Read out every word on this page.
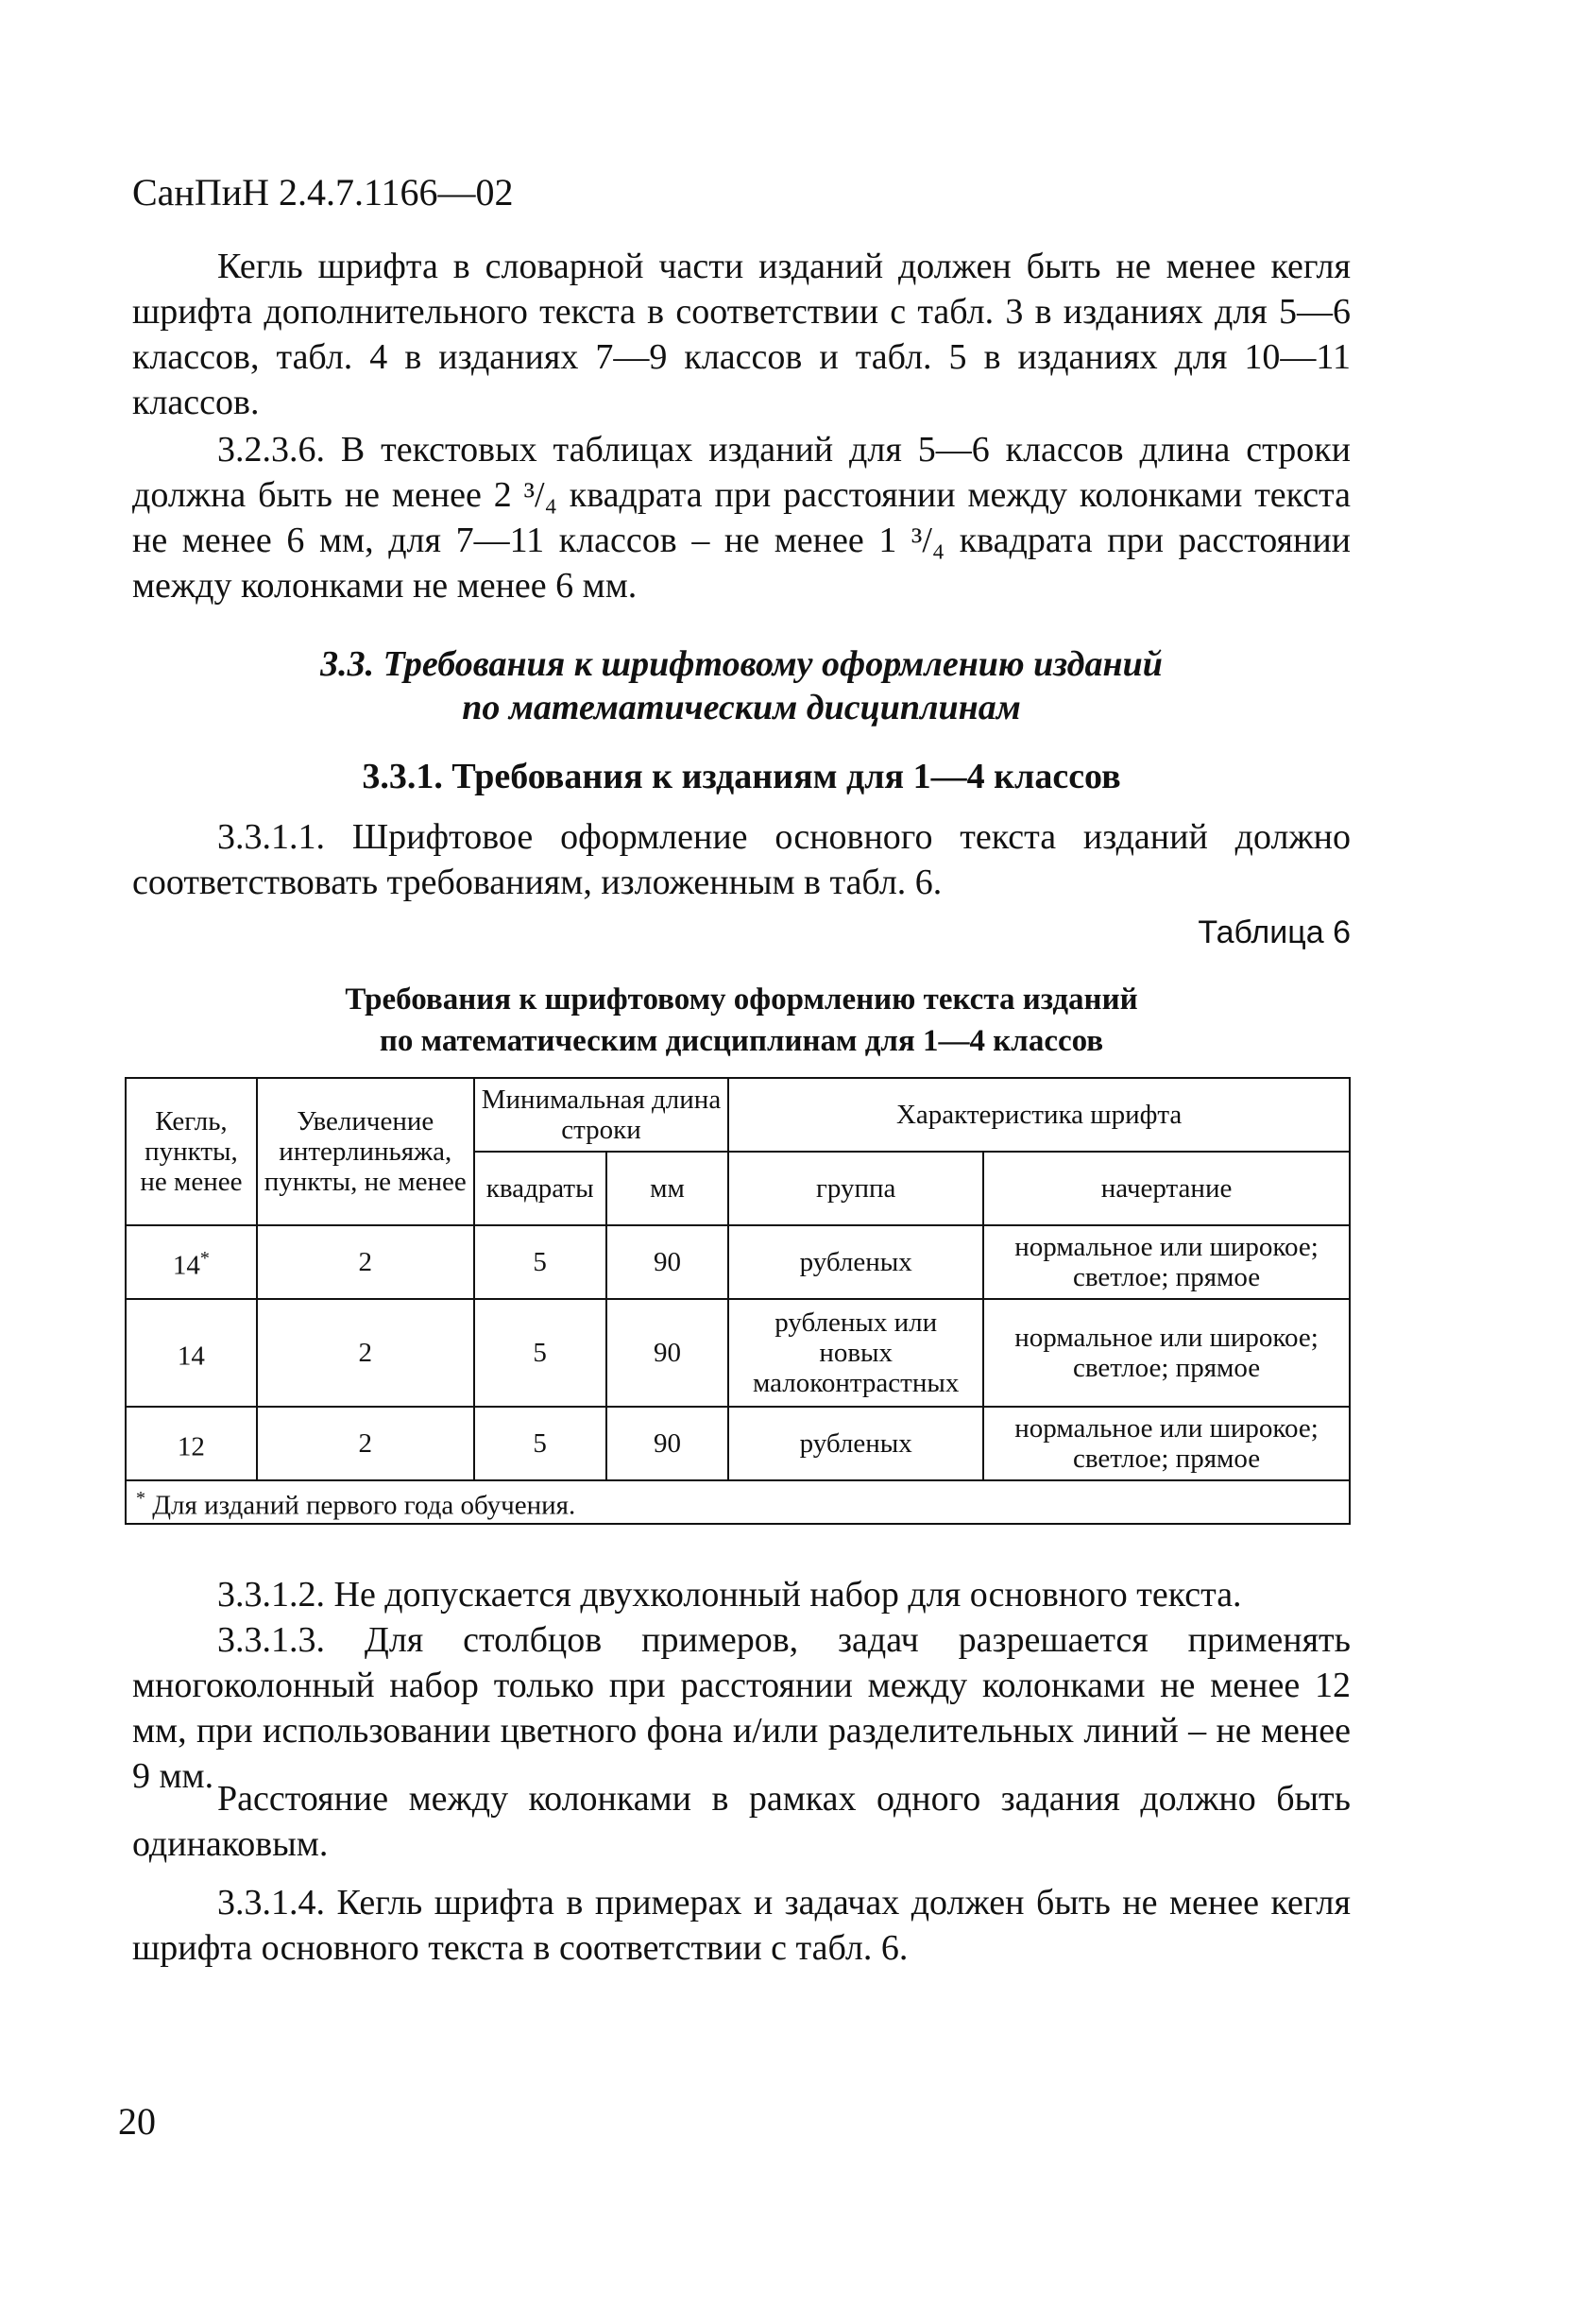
СанПиН 2.4.7.1166—02
Кегль шрифта в словарной части изданий должен быть не менее кегля шрифта дополнительного текста в соответствии с табл. 3 в изданиях для 5—6 классов, табл. 4 в изданиях 7—9 классов и табл. 5 в изданиях для 10—11 классов.
3.2.3.6. В текстовых таблицах изданий для 5—6 классов длина строки должна быть не менее 2 ³/₄ квадрата при расстоянии между колонками текста не менее 6 мм, для 7—11 классов – не менее 1 ³/₄ квадрата при расстоянии между колонками не менее 6 мм.
3.3. Требования к шрифтовому оформлению изданий
по математическим дисциплинам
3.3.1. Требования к изданиям для 1—4 классов
3.3.1.1. Шрифтовое оформление основного текста изданий должно соответствовать требованиям, изложенным в табл. 6.
Таблица 6
Требования к шрифтовому оформлению текста изданий
по математическим дисциплинам для 1—4 классов
Кегль, пункты, не менее	Увеличение интерлиньяжа, пункты, не менее	Минимальная длина строки		Характеристика шрифта	
		квадраты	мм	группа	начертание
14*	2	5	90	рубленых	нормальное или широкое; светлое; прямое
14	2	5	90	рубленых или новых малоконтрастных	нормальное или широкое; светлое; прямое
12	2	5	90	рубленых	нормальное или широкое; светлое; прямое
* Для изданий первого года обучения.					
3.3.1.2. Не допускается двухколонный набор для основного текста.
3.3.1.3. Для столбцов примеров, задач разрешается применять многоколонный набор только при расстоянии между колонками не менее 12 мм, при использовании цветного фона и/или разделительных линий – не менее 9 мм.
Расстояние между колонками в рамках одного задания должно быть одинаковым.
3.3.1.4. Кегль шрифта в примерах и задачах должен быть не менее кегля шрифта основного текста в соответствии с табл. 6.
20
